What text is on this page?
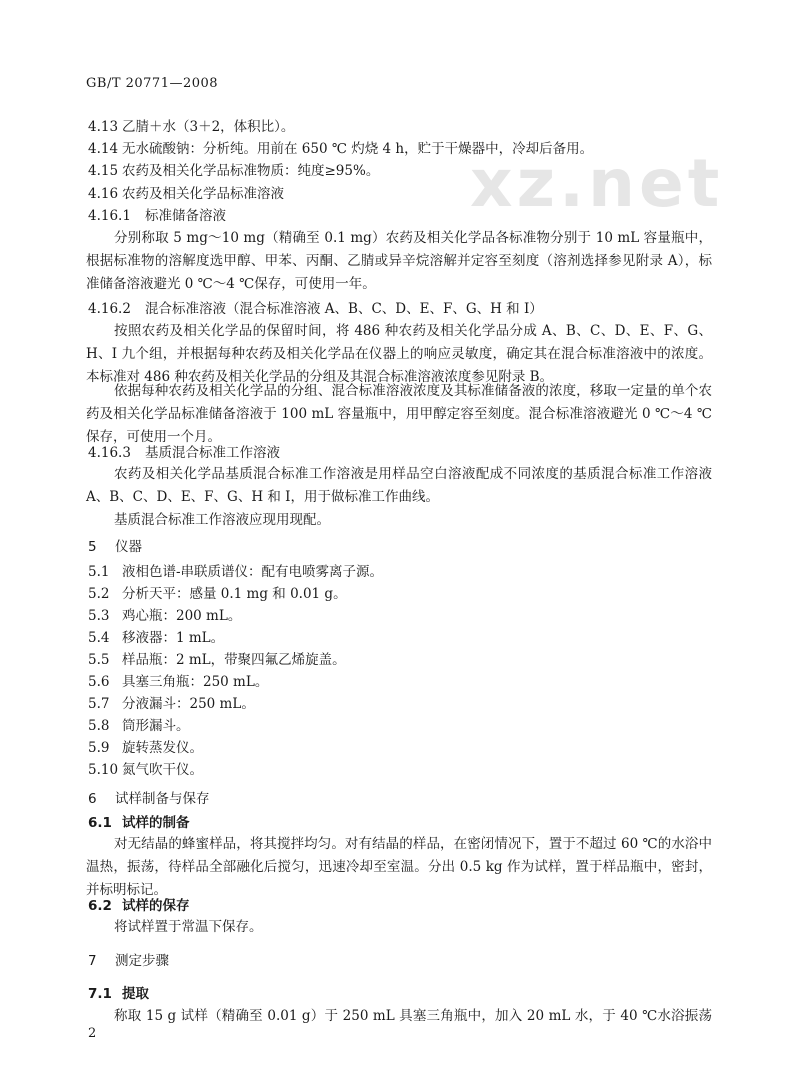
GB/T 20771—2008
xz.net
4.13 乙腈＋水（3＋2，体积比）。
4.14 无水硫酸钠：分析纯。用前在 650 ℃ 灼烧 4 h，贮于干燥器中，冷却后备用。
4.15 农药及相关化学品标准物质：纯度≥95%。
4.16 农药及相关化学品标准溶液
4.16.1 标准储备溶液
分别称取 5 mg～10 mg（精确至 0.1 mg）农药及相关化学品各标准物分别于 10 mL 容量瓶中，根据标准物的溶解度选甲醇、甲苯、丙酮、乙腈或异辛烷溶解并定容至刻度（溶剂选择参见附录 A），标准储备溶液避光 0 ℃～4 ℃保存，可使用一年。
4.16.2 混合标准溶液（混合标准溶液 A、B、C、D、E、F、G、H 和 I）
按照农药及相关化学品的保留时间，将 486 种农药及相关化学品分成 A、B、C、D、E、F、G、H、I 九个组，并根据每种农药及相关化学品在仪器上的响应灵敏度，确定其在混合标准溶液中的浓度。本标准对 486 种农药及相关化学品的分组及其混合标准溶液浓度参见附录 B。
依据每种农药及相关化学品的分组、混合标准溶液浓度及其标准储备液的浓度，移取一定量的单个农药及相关化学品标准储备溶液于 100 mL 容量瓶中，用甲醇定容至刻度。混合标准溶液避光 0 ℃～4 ℃保存，可使用一个月。
4.16.3 基质混合标准工作溶液
农药及相关化学品基质混合标准工作溶液是用样品空白溶液配成不同浓度的基质混合标准工作溶液 A、B、C、D、E、F、G、H 和 I，用于做标准工作曲线。
基质混合标准工作溶液应现用现配。
5 仪器
5.1 液相色谱-串联质谱仪：配有电喷雾离子源。
5.2 分析天平：感量 0.1 mg 和 0.01 g。
5.3 鸡心瓶：200 mL。
5.4 移液器：1 mL。
5.5 样品瓶：2 mL，带聚四氟乙烯旋盖。
5.6 具塞三角瓶：250 mL。
5.7 分液漏斗：250 mL。
5.8 筒形漏斗。
5.9 旋转蒸发仪。
5.10 氮气吹干仪。
6 试样制备与保存
6.1 试样的制备
对无结晶的蜂蜜样品，将其搅拌均匀。对有结晶的样品，在密闭情况下，置于不超过 60 ℃的水浴中温热，振荡，待样品全部融化后搅匀，迅速冷却至室温。分出 0.5 kg 作为试样，置于样品瓶中，密封，并标明标记。
6.2 试样的保存
将试样置于常温下保存。
7 测定步骤
7.1 提取
称取 15 g 试样（精确至 0.01 g）于 250 mL 具塞三角瓶中，加入 20 mL 水，于 40 ℃水浴振荡
2
